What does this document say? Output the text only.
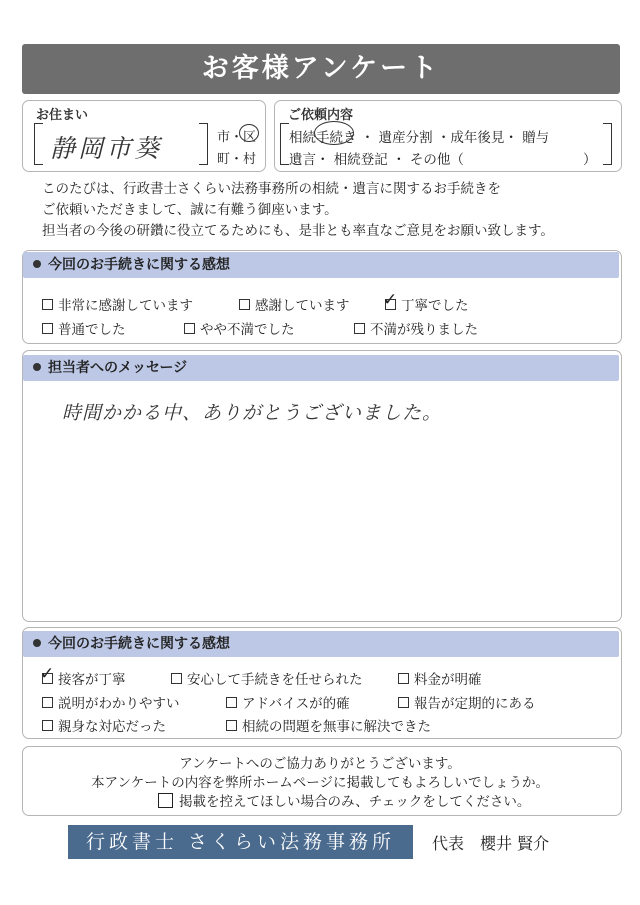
お客様アンケート
お住まい
静岡市葵	市・区
町・村
ご依頼内容
相続手続き ・ 遺産分割 ・成年後見・ 贈与
遺言・ 相続登記 ・ その他（	）
このたびは、行政書士さくらい法務事務所の相続・遺言に関するお手続きを
ご依頼いただきまして、誠に有難う御座います。
担当者の今後の研鑽に役立てるためにも、是非とも率直なご意見をお願い致します。
今回のお手続きに関する感想
非常に感謝しています	感謝しています ✓	丁寧でした
普通でした	やや不満でした	不満が残りました
担当者へのメッセージ
時間かかる中、ありがとうございました。
今回のお手続きに関する感想
✓接客が丁寧	安心して手続きを任せられた	料金が明確
説明がわかりやすい	アドバイスが的確	報告が定期的にある
親身な対応だった	相続の問題を無事に解決できた
アンケートへのご協力ありがとうございます。
本アンケートの内容を弊所ホームページに掲載してもよろしいでしょうか。
掲載を控えてほしい場合のみ、チェックをしてください。
行政書士 さくらい法務事務所	代表　櫻井 賢介
